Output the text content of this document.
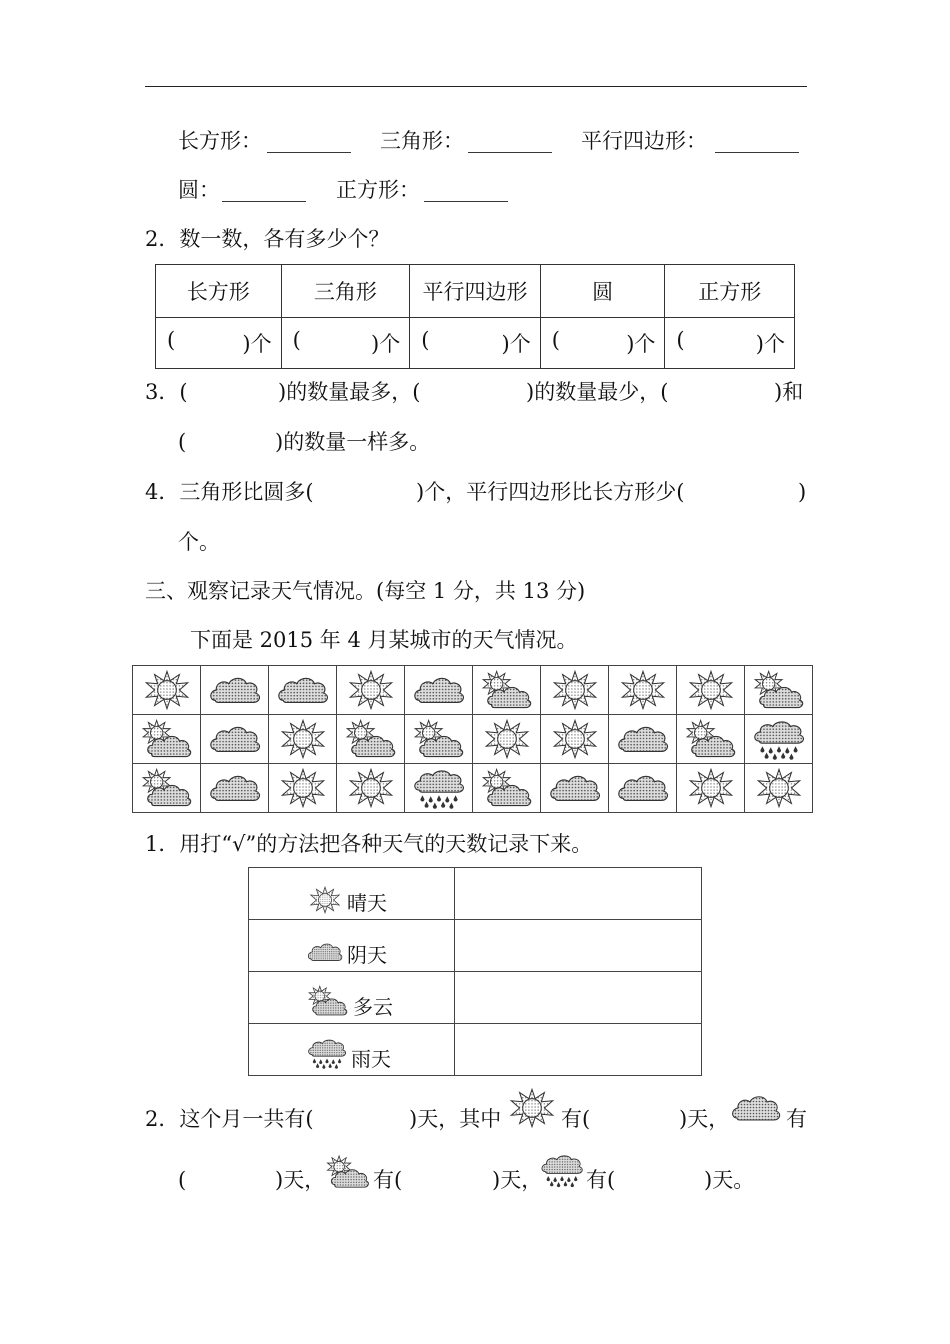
长方形： ________ 三角形： ________ 平行四边形： ________
圆： ________ 正方形： ________
2．数一数，各有多少个？
长方形	三角形	平行四边形	圆	正方形

( )个	( )个	( )个	( )个	( )个
3．(	)的数量最多，(	)的数量最少，(	)和
(	)的数量一样多。
4．三角形比圆多(	)个，平行四边形比长方形少(	)
个。
三、观察记录天气情况。(每空 1 分，共 13 分)
下面是 2015 年 4 月某城市的天气情况。

1．用打“√”的方法把各种天气的天数记录下来。
晴天	

阴天	

多云	

雨天	

2．这个月一共有(	)天，其中	有(	)天，	有
(	)天， 有(	)天， 有(	)天。
